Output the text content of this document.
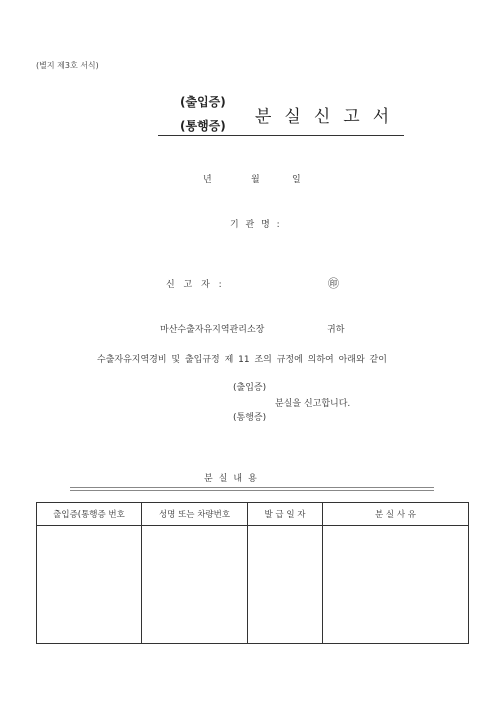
(별지 제3호 서식)
(출입증)
(통행증) 분실신고서
년	월	일
기 관 명 :
신 고 자 :	㊞
마산수출자유지역관리소장	귀하
수출자유지역경비 및 출입규정 제 11 조의 규정에 의하여 아래와 같이
(출입증)
분실을 신고합니다.
(통행증)
분실내용
출입증(통행증 번호	성명 또는 차량번호	발 급 일 자	분 실 사 유
